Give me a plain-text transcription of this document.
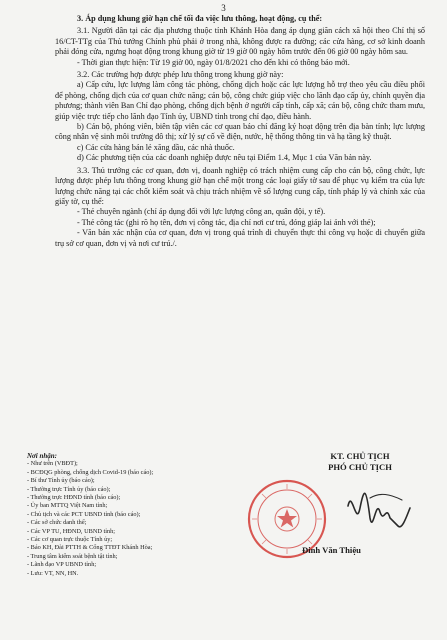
3

3. Áp dụng khung giờ hạn chế tối đa việc lưu thông, hoạt động, cụ thể:

3.1. Người dân tại các địa phương thuộc tỉnh Khánh Hòa đang áp dụng giãn cách xã hội theo Chỉ thị số 16/CT-TTg của Thủ tướng Chính phủ phải ở trong nhà, không được ra đường; các cửa hàng, cơ sở kinh doanh phải đóng cửa, ngưng hoạt động trong khung giờ từ 19 giờ 00 ngày hôm trước đến 06 giờ 00 ngày hôm sau.

- Thời gian thực hiện: Từ 19 giờ 00, ngày 01/8/2021 cho đến khi có thông báo mới.

3.2. Các trường hợp được phép lưu thông trong khung giờ này:

a) Cấp cứu, lực lượng làm công tác phòng, chống dịch hoặc các lực lượng hỗ trợ theo yêu cầu điều phối để phòng, chống dịch của cơ quan chức năng; cán bộ, công chức giúp việc cho lãnh đạo cấp ủy, chính quyền địa phương; thành viên Ban Chỉ đạo phòng, chống dịch bệnh ở người cấp tỉnh, cấp xã; cán bộ, công chức tham mưu, giúp việc trực tiếp cho lãnh đạo Tỉnh ủy, UBND tỉnh trong chỉ đạo, điều hành.

b) Cán bộ, phóng viên, biên tập viên các cơ quan báo chí đăng ký hoạt động trên địa bàn tỉnh; lực lượng công nhân vệ sinh môi trường đô thị; xử lý sự cố về điện, nước, hệ thống thông tin và hạ tầng kỹ thuật.

c) Các cửa hàng bán lẻ xăng dầu, các nhà thuốc.

d) Các phương tiện của các doanh nghiệp được nêu tại Điểm 1.4, Mục 1 của Văn bản này.

3.3. Thủ trưởng các cơ quan, đơn vị, doanh nghiệp có trách nhiệm cung cấp cho cán bộ, công chức, lực lượng được phép lưu thông trong khung giờ hạn chế một trong các loại giấy tờ sau để phục vụ kiểm tra của lực lượng chức năng tại các chốt kiểm soát và chịu trách nhiệm về số lượng cung cấp, tính pháp lý và chính xác của giấy tờ, cụ thể:

- Thẻ chuyên ngành (chỉ áp dụng đối với lực lượng công an, quân đội, y tế).

- Thẻ công tác (ghi rõ họ tên, đơn vị công tác, địa chỉ nơi cư trú, đóng giáp lai ảnh với thẻ);

- Văn bản xác nhận của cơ quan, đơn vị trong quá trình di chuyển thực thi công vụ hoặc di chuyển giữa trụ sở cơ quan, đơn vị và nơi cư trú./.

Nơi nhận:
- Như trên (VBĐT);
- BCĐQG phòng, chống dịch Covid-19 (báo cáo);
- Bí thư Tỉnh ủy (báo cáo);
- Thường trực Tỉnh ủy (báo cáo);
- Thường trực HĐND tỉnh (báo cáo);
- Ủy ban MTTQ Việt Nam tỉnh;
- Chủ tịch và các PCT UBND tỉnh (báo cáo);
- Các sở chức danh thể;
- Các VP TU, HĐND, UBND tỉnh;
- Các cơ quan trực thuộc Tỉnh ủy;
- Báo KH, Đài PTTH & Cổng TTĐT Khánh Hòa;
- Trung tâm kiểm soát bệnh tật tỉnh;
- Lãnh đạo VP UBND tỉnh;
- Lưu: VT, NN, HN.
KT. CHỦ TỊCH
PHÓ CHỦ TỊCH
Đinh Văn Thiệu
